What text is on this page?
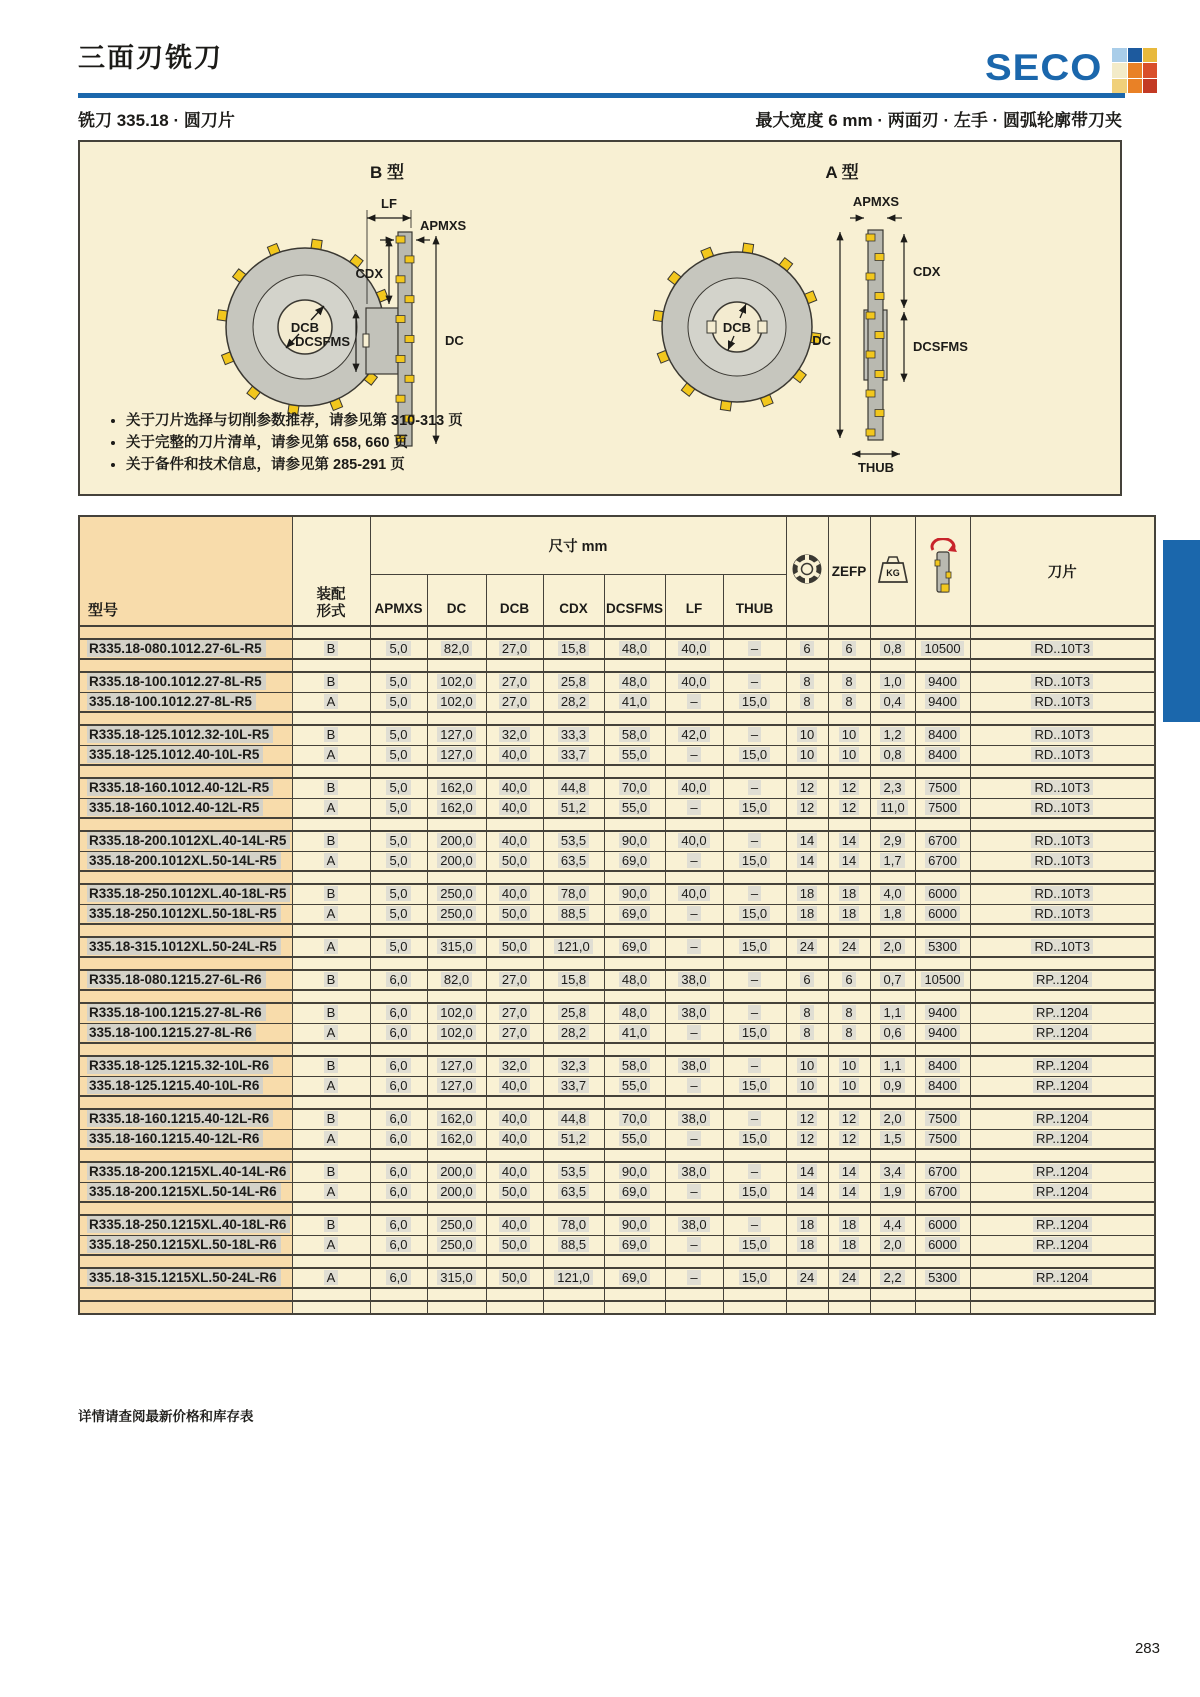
三面刃铣刀	SECO
铣刀 335.18 · 圆刀片	最大宽度 6 mm · 两面刃 · 左手 · 圆弧轮廓带刀夹
B 型	A 型
DCB
LF
APMXS
CDX
DCSFMS	DC
DCB
APMXS
DC
CDX
DCSFMS
THUB
• 关于刀片选择与切削参数推荐，请参见第 310-313 页
• 关于完整的刀片清单，请参见第 658, 660 页
• 关于备件和技术信息，请参见第 285-291 页
型号	装配
形式	尺寸 mm								ZEFP	KG		刀片
		APMXS	DC	DCB	CDX	DCSFMS	LF	THUB					

R335.18-080.1012.27-6L-R5	B	5,0	82,0	27,0	15,8	48,0	40,0	–	6	6	0,8	10500	RD..10T3

R335.18-100.1012.27-8L-R5	B	5,0	102,0	27,0	25,8	48,0	40,0	–	8	8	1,0	9400	RD..10T3
335.18-100.1012.27-8L-R5	A	5,0	102,0	27,0	28,2	41,0	–	15,0	8	8	0,4	9400	RD..10T3

R335.18-125.1012.32-10L-R5	B	5,0	127,0	32,0	33,3	58,0	42,0	–	10	10	1,2	8400	RD..10T3
335.18-125.1012.40-10L-R5	A	5,0	127,0	40,0	33,7	55,0	–	15,0	10	10	0,8	8400	RD..10T3

R335.18-160.1012.40-12L-R5	B	5,0	162,0	40,0	44,8	70,0	40,0	–	12	12	2,3	7500	RD..10T3
335.18-160.1012.40-12L-R5	A	5,0	162,0	40,0	51,2	55,0	–	15,0	12	12	11,0	7500	RD..10T3

R335.18-200.1012XL.40-14L-R5	B	5,0	200,0	40,0	53,5	90,0	40,0	–	14	14	2,9	6700	RD..10T3
335.18-200.1012XL.50-14L-R5	A	5,0	200,0	50,0	63,5	69,0	–	15,0	14	14	1,7	6700	RD..10T3

R335.18-250.1012XL.40-18L-R5	B	5,0	250,0	40,0	78,0	90,0	40,0	–	18	18	4,0	6000	RD..10T3
335.18-250.1012XL.50-18L-R5	A	5,0	250,0	50,0	88,5	69,0	–	15,0	18	18	1,8	6000	RD..10T3

335.18-315.1012XL.50-24L-R5	A	5,0	315,0	50,0	121,0	69,0	–	15,0	24	24	2,0	5300	RD..10T3

R335.18-080.1215.27-6L-R6	B	6,0	82,0	27,0	15,8	48,0	38,0	–	6	6	0,7	10500	RP..1204

R335.18-100.1215.27-8L-R6	B	6,0	102,0	27,0	25,8	48,0	38,0	–	8	8	1,1	9400	RP..1204
335.18-100.1215.27-8L-R6	A	6,0	102,0	27,0	28,2	41,0	–	15,0	8	8	0,6	9400	RP..1204

R335.18-125.1215.32-10L-R6	B	6,0	127,0	32,0	32,3	58,0	38,0	–	10	10	1,1	8400	RP..1204
335.18-125.1215.40-10L-R6	A	6,0	127,0	40,0	33,7	55,0	–	15,0	10	10	0,9	8400	RP..1204

R335.18-160.1215.40-12L-R6	B	6,0	162,0	40,0	44,8	70,0	38,0	–	12	12	2,0	7500	RP..1204
335.18-160.1215.40-12L-R6	A	6,0	162,0	40,0	51,2	55,0	–	15,0	12	12	1,5	7500	RP..1204

R335.18-200.1215XL.40-14L-R6	B	6,0	200,0	40,0	53,5	90,0	38,0	–	14	14	3,4	6700	RP..1204
335.18-200.1215XL.50-14L-R6	A	6,0	200,0	50,0	63,5	69,0	–	15,0	14	14	1,9	6700	RP..1204

R335.18-250.1215XL.40-18L-R6	B	6,0	250,0	40,0	78,0	90,0	38,0	–	18	18	4,4	6000	RP..1204
335.18-250.1215XL.50-18L-R6	A	6,0	250,0	50,0	88,5	69,0	–	15,0	18	18	2,0	6000	RP..1204

335.18-315.1215XL.50-24L-R6	A	6,0	315,0	50,0	121,0	69,0	–	15,0	24	24	2,2	5300	RP..1204

详情请查阅最新价格和库存表
283
